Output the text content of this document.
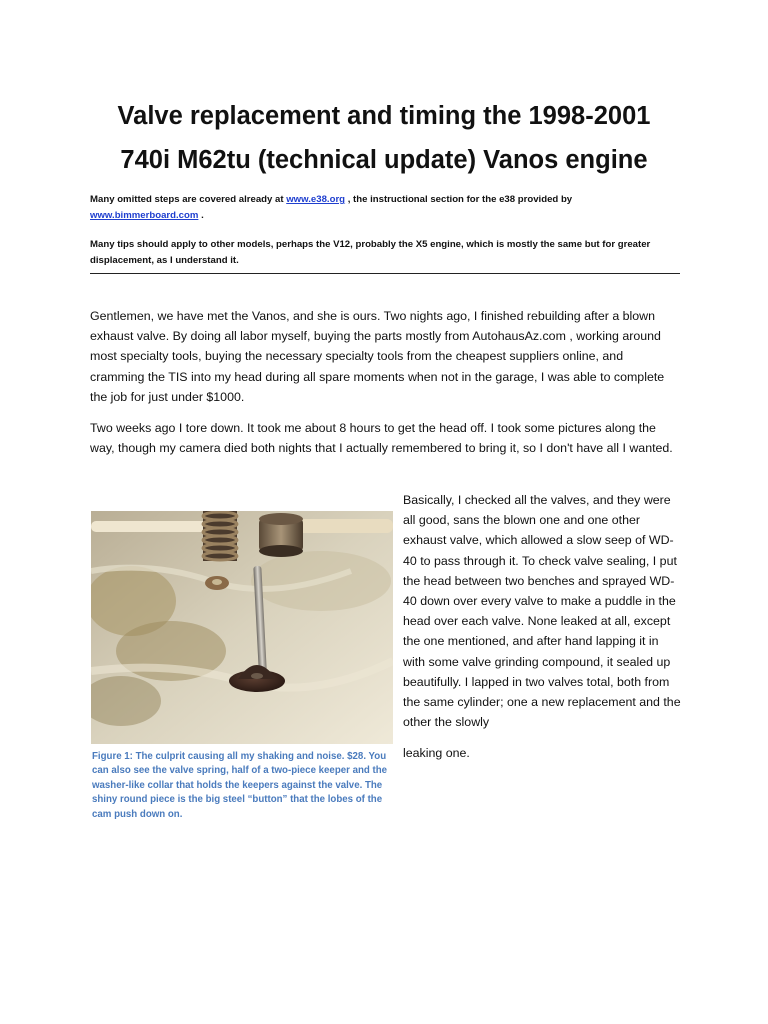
Valve replacement and timing the 1998-2001
740i M62tu (technical update) Vanos engine
Many omitted steps are covered already at www.e38.org , the instructional section for the e38 provided by
www.bimmerboard.com .
Many tips should apply to other models, perhaps the V12, probably the X5 engine, which is mostly the same but for greater displacement, as I understand it.
Gentlemen, we have met the Vanos, and she is ours. Two nights ago, I finished rebuilding after a blown exhaust valve. By doing all labor myself, buying the parts mostly from AutohausAz.com , working around most specialty tools, buying the necessary specialty tools from the cheapest suppliers online, and cramming the TIS into my head during all spare moments when not in the garage, I was able to complete the job for just under $1000.
Two weeks ago I tore down. It took me about 8 hours to get the head off. I took some pictures along the way, though my camera died both nights that I actually remembered to bring it, so I don't have all I wanted.
Figure 1: The culprit causing all my shaking and noise. $28. You can also see the valve spring, half of a two-piece keeper and the washer-like collar that holds the keepers against the valve. The shiny round piece is the big steel “button” that the lobes of the cam push down on.
Basically, I checked all the valves, and they were all good, sans the blown one and one other exhaust valve, which allowed a slow seep of WD-40 to pass through it. To check valve sealing, I put the head between two benches and sprayed WD-40 down over every valve to make a puddle in the head over each valve. None leaked at all, except the one mentioned, and after hand lapping it in with some valve grinding compound, it sealed up beautifully. I lapped in two valves total, both from the same cylinder; one a new replacement and the other the slowly
leaking one.
